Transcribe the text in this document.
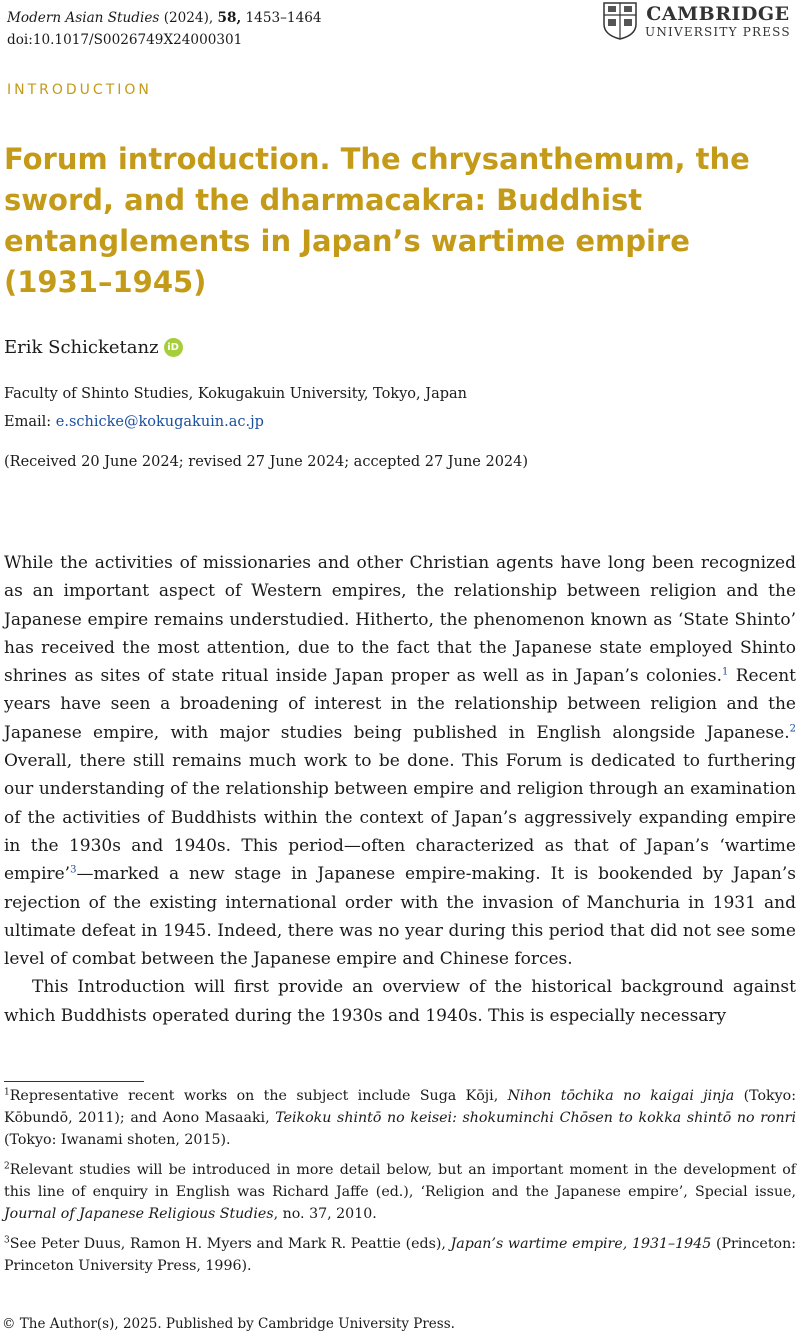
Modern Asian Studies (2024), 58, 1453–1464
doi:10.1017/S0026749X24000301
CAMBRIDGE
UNIVERSITY PRESS
INTRODUCTION
Forum introduction. The chrysanthemum, the sword, and the dharmacakra: Buddhist entanglements in Japan’s wartime empire (1931–1945)
Erik Schicketanz iD
Faculty of Shinto Studies, Kokugakuin University, Tokyo, Japan
Email: e.schicke@kokugakuin.ac.jp
(Received 20 June 2024; revised 27 June 2024; accepted 27 June 2024)

While the activities of missionaries and other Christian agents have long been recognized as an important aspect of Western empires, the relationship between religion and the Japanese empire remains understudied. Hitherto, the phenomenon known as ‘State Shinto’ has received the most attention, due to the fact that the Japanese state employed Shinto shrines as sites of state ritual inside Japan proper as well as in Japan’s colonies.$^1$ Recent years have seen a broadening of interest in the relationship between religion and the Japanese empire, with major studies being published in English alongside Japanese.$^2$ Overall, there still remains much work to be done. This Forum is dedicated to furthering our understanding of the relationship between empire and religion through an examination of the activities of Buddhists within the context of Japan’s aggressively expanding empire in the 1930s and 1940s. This period—often characterized as that of Japan’s ‘wartime empire’$^3$—marked a new stage in Japanese empire-making. It is bookended by Japan’s rejection of the existing international order with the invasion of Manchuria in 1931 and ultimate defeat in 1945. Indeed, there was no year during this period that did not see some level of combat between the Japanese empire and Chinese forces.

This Introduction will first provide an overview of the historical background against which Buddhists operated during the 1930s and 1940s. This is especially necessary

$^1$Representative recent works on the subject include Suga Kōji, Nihon tōchika no kaigai jinja (Tokyo: Kōbundō, 2011); and Aono Masaaki, Teikoku shintō no keisei: shokuminchi Chōsen to kokka shintō no ronri (Tokyo: Iwanami shoten, 2015).

$^2$Relevant studies will be introduced in more detail below, but an important moment in the development of this line of enquiry in English was Richard Jaffe (ed.), ‘Religion and the Japanese empire’, Special issue, Journal of Japanese Religious Studies, no. 37, 2010.

$^3$See Peter Duus, Ramon H. Myers and Mark R. Peattie (eds), Japan’s wartime empire, 1931–1945 (Princeton: Princeton University Press, 1996).

© The Author(s), 2025. Published by Cambridge University Press.
